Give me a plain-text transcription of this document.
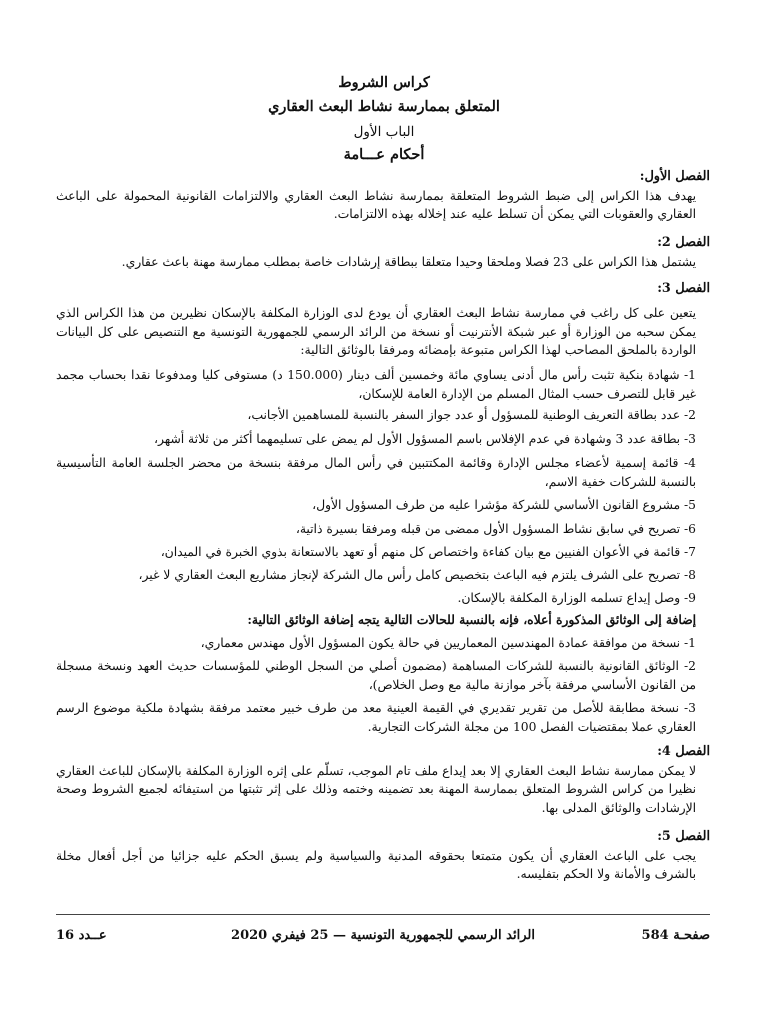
كراس الشروط
المتعلق بممارسة نشاط البعث العقاري
الباب الأول
أحكام عـــامة

الفصل الأول:

يهدف هذا الكراس إلى ضبط الشروط المتعلقة بممارسة نشاط البعث العقاري والالتزامات القانونية المحمولة على الباعث العقاري والعقوبات التي يمكن أن تسلط عليه عند إخلاله بهذه الالتزامات.

الفصل 2:

يشتمل هذا الكراس على 23 فصلا وملحقا وحيدا متعلقا ببطاقة إرشادات خاصة بمطلب ممارسة مهنة باعث عقاري.

الفصل 3:

يتعين على كل راغب في ممارسة نشاط البعث العقاري أن يودع لدى الوزارة المكلفة بالإسكان نظيرين من هذا الكراس الذي يمكن سحبه من الوزارة أو عبر شبكة الأنترنيت أو نسخة من الرائد الرسمي للجمهورية التونسية مع التنصيص على كل البيانات الواردة بالملحق المصاحب لهذا الكراس متبوعة بإمضائه ومرفقا بالوثائق التالية:

1- شهادة بنكية تثبت رأس مال أدنى يساوي مائة وخمسين ألف دينار (150.000 د) مستوفى كليا ومدفوعا نقدا بحساب مجمد غير قابل للتصرف حسب المثال المسلم من الإدارة العامة للإسكان،

2- عدد بطاقة التعريف الوطنية للمسؤول أو عدد جواز السفر بالنسبة للمساهمين الأجانب،

3- بطاقة عدد 3 وشهادة في عدم الإفلاس باسم المسؤول الأول لم يمض على تسليمهما أكثر من ثلاثة أشهر،

4- قائمة إسمية لأعضاء مجلس الإدارة وقائمة المكتتبين في رأس المال مرفقة بنسخة من محضر الجلسة العامة التأسيسية بالنسبة للشركات خفية الاسم،

5- مشروع القانون الأساسي للشركة مؤشرا عليه من طرف المسؤول الأول،

6- تصريح في سابق نشاط المسؤول الأول ممضى من قبله ومرفقا بسيرة ذاتية،

7- قائمة في الأعوان الفنيين مع بيان كفاءة واختصاص كل منهم أو تعهد بالاستعانة بذوي الخبرة في الميدان،

8- تصريح على الشرف يلتزم فيه الباعث بتخصيص كامل رأس مال الشركة لإنجاز مشاريع البعث العقاري لا غير،

9- وصل إيداع تسلمه الوزارة المكلفة بالإسكان.

إضافة إلى الوثائق المذكورة أعلاه، فإنه بالنسبة للحالات التالية يتجه إضافة الوثائق التالية:

1- نسخة من موافقة عمادة المهندسين المعماريين في حالة يكون المسؤول الأول مهندس معماري،

2- الوثائق القانونية بالنسبة للشركات المساهمة (مضمون أصلي من السجل الوطني للمؤسسات حديث العهد ونسخة مسجلة من القانون الأساسي مرفقة بآخر موازنة مالية مع وصل الخلاص)،

3- نسخة مطابقة للأصل من تقرير تقديري في القيمة العينية معد من طرف خبير معتمد مرفقة بشهادة ملكية موضوع الرسم العقاري عملا بمقتضيات الفصل 100 من مجلة الشركات التجارية.

الفصل 4:

لا يمكن ممارسة نشاط البعث العقاري إلا بعد إيداع ملف تام الموجب، تسلّم على إثره الوزارة المكلفة بالإسكان للباعث العقاري نظيرا من كراس الشروط المتعلق بممارسة المهنة بعد تضمينه وختمه وذلك على إثر تثبتها من استيفائه لجميع الشروط وصحة الإرشادات والوثائق المدلى بها.

الفصل 5:

يجب على الباعث العقاري أن يكون متمتعا بحقوقه المدنية والسياسية ولم يسبق الحكم عليه جزائيا من أجل أفعال مخلة بالشرف والأمانة ولا الحكم بتفليسه.

صفحـة 584
الرائد الرسمي للجمهورية التونسية — 25 فيفري 2020
عــدد 16
